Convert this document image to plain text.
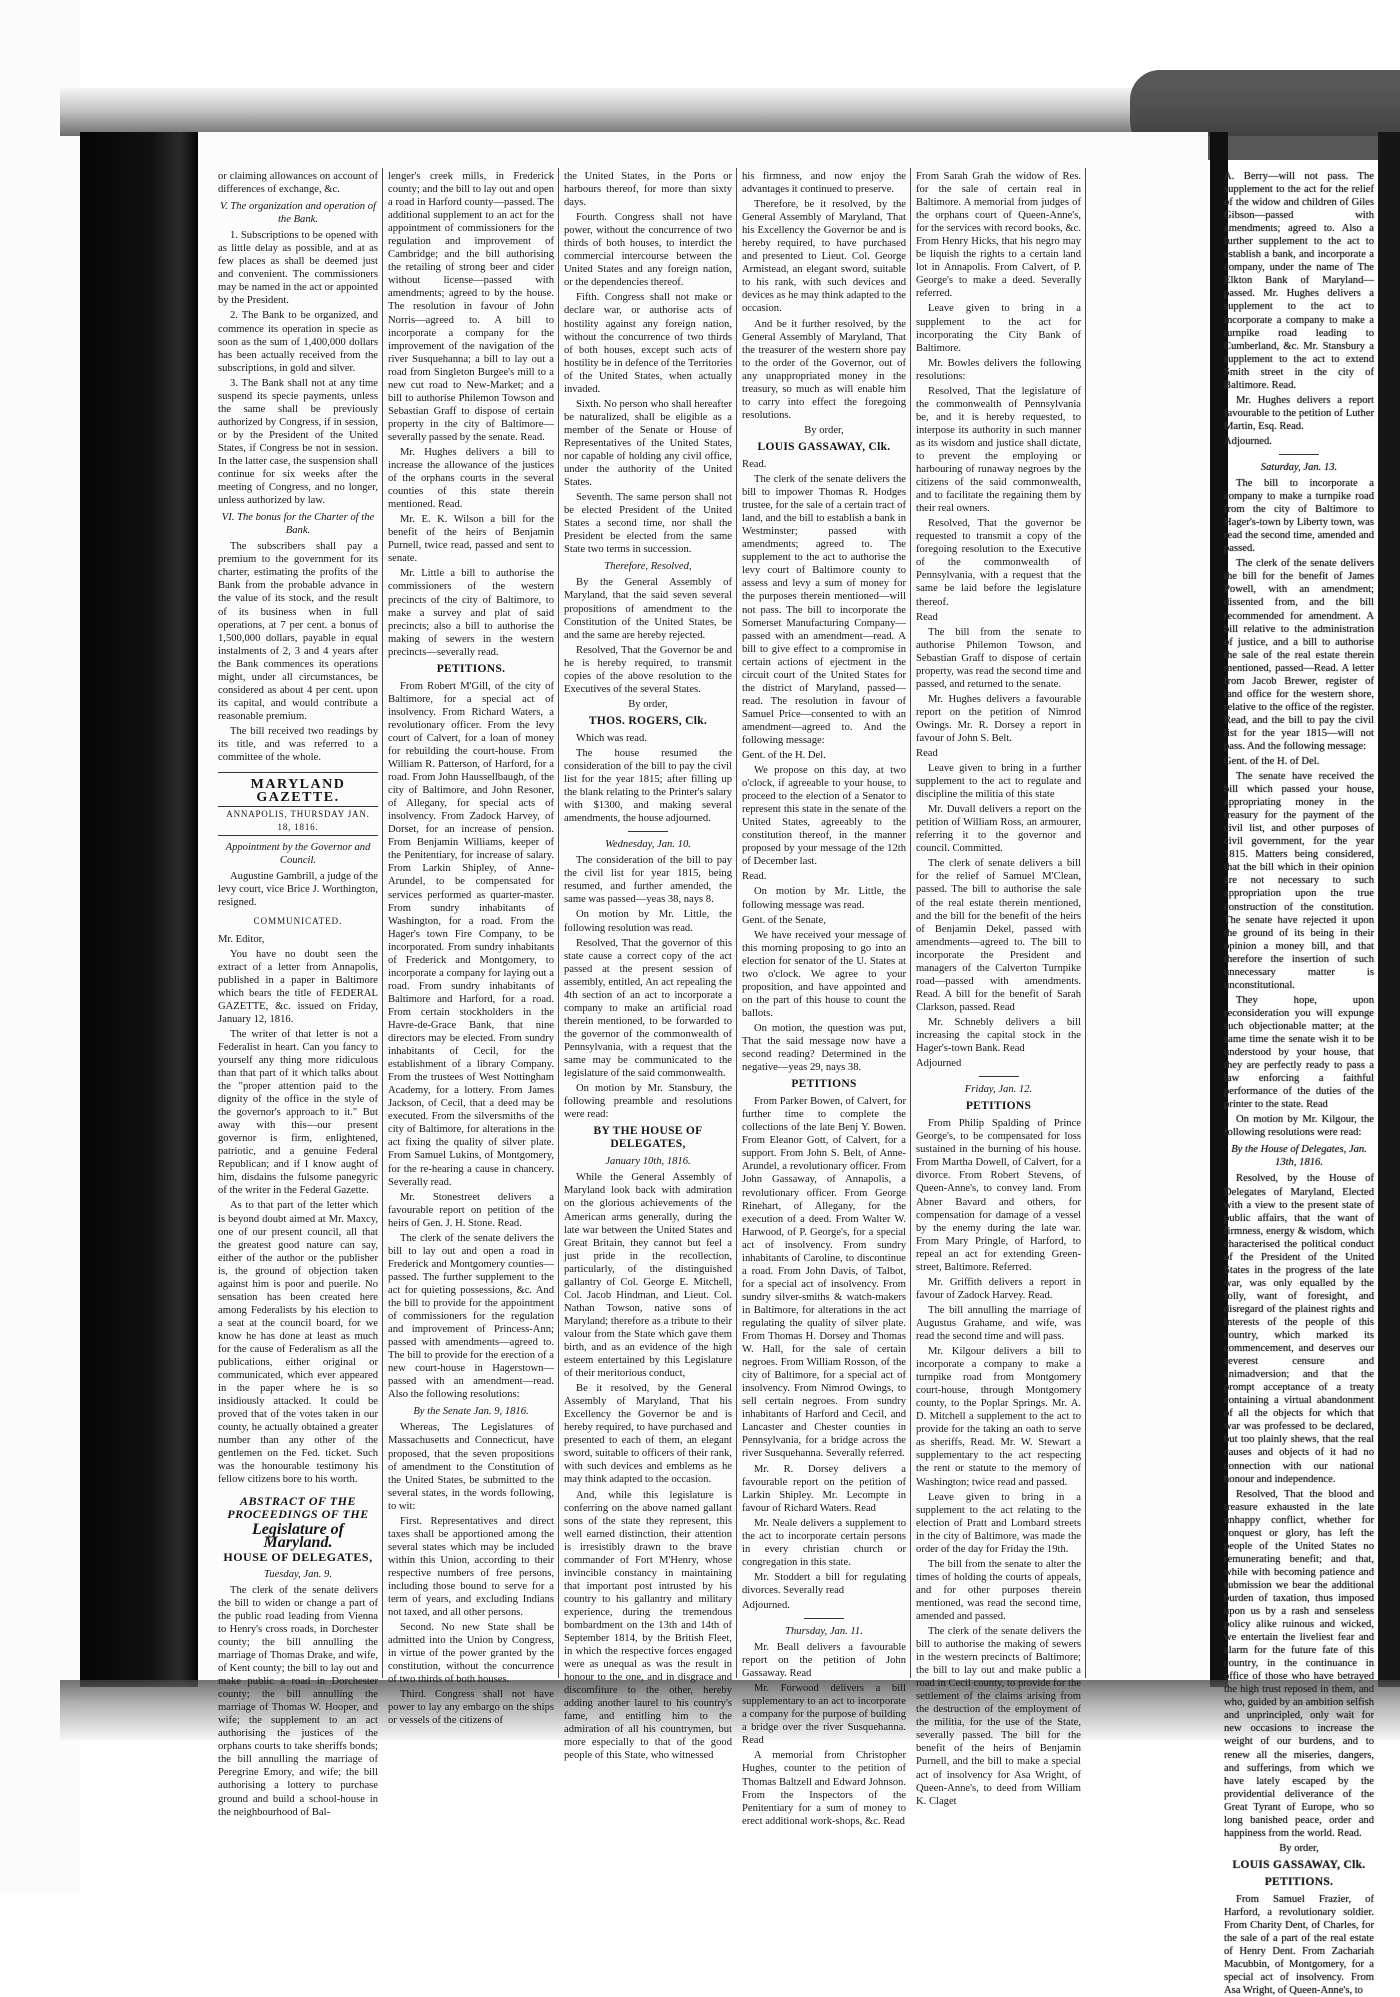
or claiming allowances on account of differences of exchange, &c.

V. The organization and operation of the Bank.

1. Subscriptions to be opened with as little delay as possible, and at as few places as shall be deemed just and convenient. The commissioners may be named in the act or appointed by the President.

2. The Bank to be organized, and commence its operation in specie as soon as the sum of 1,400,000 dollars has been actually received from the subscriptions, in gold and silver.

3. The Bank shall not at any time suspend its specie payments, unless the same shall be previously authorized by Congress, if in session, or by the President of the United States, if Congress be not in session. In the latter case, the suspension shall continue for six weeks after the meeting of Congress, and no longer, unless authorized by law.

VI. The bonus for the Charter of the Bank.

The subscribers shall pay a premium to the government for its charter, estimating the profits of the Bank from the probable advance in the value of its stock, and the result of its business when in full operations, at 7 per cent. a bonus of 1,500,000 dollars, payable in equal instalments of 2, 3 and 4 years after the Bank commences its operations might, under all circumstances, be considered as about 4 per cent. upon its capital, and would contribute a reasonable premium.

The bill received two readings by its title, and was referred to a committee of the whole.

MARYLAND GAZETTE.
ANNAPOLIS, THURSDAY JAN. 18, 1816.

Appointment by the Governor and Council.

Augustine Gambrill, a judge of the levy court, vice Brice J. Worthington, resigned.

COMMUNICATED.

Mr. Editor,

You have no doubt seen the extract of a letter from Annapolis, published in a paper in Baltimore which bears the title of FEDERAL GAZETTE, &c. issued on Friday, January 12, 1816.

The writer of that letter is not a Federalist in heart. Can you fancy to yourself any thing more ridiculous than that part of it which talks about the "proper attention paid to the dignity of the office in the style of the governor's approach to it." But away with this—our present governor is firm, enlightened, patriotic, and a genuine Federal Republican; and if I know aught of him, disdains the fulsome panegyric of the writer in the Federal Gazette.

As to that part of the letter which is beyond doubt aimed at Mr. Maxcy, one of our present council, all that the greatest good nature can say, either of the author or the publisher is, the ground of objection taken against him is poor and puerile. No sensation has been created here among Federalists by his election to a seat at the council board, for we know he has done at least as much for the cause of Federalism as all the publications, either original or communicated, which ever appeared in the paper where he is so insidiously attacked. It could be proved that of the votes taken in our county, he actually obtained a greater number than any other of the gentlemen on the Fed. ticket. Such was the honourable testimony his fellow citizens bore to his worth.

ABSTRACT OF THE PROCEEDINGS OF THE
Legislature of Maryland.
HOUSE OF DELEGATES,

Tuesday, Jan. 9.

The clerk of the senate delivers the bill to widen or change a part of the public road leading from Vienna to Henry's cross roads, in Dorchester county; the bill annulling the marriage of Thomas Drake, and wife, of Kent county; the bill to lay out and make public a road in Dorchester county; the bill annulling the marriage of Thomas W. Hooper, and wife; the supplement to an act authorising the justices of the orphans courts to take sheriffs bonds; the bill annulling the marriage of Peregrine Emory, and wife; the bill authorising a lottery to purchase ground and build a school-house in the neighbourhood of Bal-

lenger's creek mills, in Frederick county; and the bill to lay out and open a road in Harford county—passed. The additional supplement to an act for the appointment of commissioners for the regulation and improvement of Cambridge; and the bill authorising the retailing of strong beer and cider without license—passed with amendments; agreed to by the house. The resolution in favour of John Norris—agreed to. A bill to incorporate a company for the improvement of the navigation of the river Susquehanna; a bill to lay out a road from Singleton Burgee's mill to a new cut road to New-Market; and a bill to authorise Philemon Towson and Sebastian Graff to dispose of certain property in the city of Baltimore—severally passed by the senate. Read.

Mr. Hughes delivers a bill to increase the allowance of the justices of the orphans courts in the several counties of this state therein mentioned. Read.

Mr. E. K. Wilson a bill for the benefit of the heirs of Benjamin Purnell, twice read, passed and sent to senate.

Mr. Little a bill to authorise the commissioners of the western precincts of the city of Baltimore, to make a survey and plat of said precincts; also a bill to authorise the making of sewers in the western precincts—severally read.

PETITIONS.

From Robert M'Gill, of the city of Baltimore, for a special act of insolvency. From Richard Waters, a revolutionary officer. From the levy court of Calvert, for a loan of money for rebuilding the court-house. From William R. Patterson, of Harford, for a road. From John Haussellbaugh, of the city of Baltimore, and John Resoner, of Allegany, for special acts of insolvency. From Zadock Harvey, of Dorset, for an increase of pension. From Benjamin Williams, keeper of the Penitentiary, for increase of salary. From Larkin Shipley, of Anne-Arundel, to be compensated for services performed as quarter-master. From sundry inhabitants of Washington, for a road. From the Hager's town Fire Company, to be incorporated. From sundry inhabitants of Frederick and Montgomery, to incorporate a company for laying out a road. From sundry inhabitants of Baltimore and Harford, for a road. From certain stockholders in the Havre-de-Grace Bank, that nine directors may be elected. From sundry inhabitants of Cecil, for the establishment of a library Company. From the trustees of West Nottingham Academy, for a lottery. From James Jackson, of Cecil, that a deed may be executed. From the silversmiths of the city of Baltimore, for alterations in the act fixing the quality of silver plate. From Samuel Lukins, of Montgomery, for the re-hearing a cause in chancery. Severally read.

Mr. Stonestreet delivers a favourable report on petition of the heirs of Gen. J. H. Stone. Read.

The clerk of the senate delivers the bill to lay out and open a road in Frederick and Montgomery counties—passed. The further supplement to the act for quieting possessions, &c. And the bill to provide for the appointment of commissioners for the regulation and improvement of Princess-Ann; passed with amendments—agreed to. The bill to provide for the erection of a new court-house in Hagerstown—passed with an amendment—read. Also the following resolutions:

By the Senate Jan. 9, 1816.

Whereas, The Legislatures of Massachusetts and Connecticut, have proposed, that the seven propositions of amendment to the Constitution of the United States, be submitted to the several states, in the words following, to wit:

First. Representatives and direct taxes shall be apportioned among the several states which may be included within this Union, according to their respective numbers of free persons, including those bound to serve for a term of years, and excluding Indians not taxed, and all other persons.

Second. No new State shall be admitted into the Union by Congress, in virtue of the power granted by the constitution, without the concurrence of two thirds of both houses.

Third. Congress shall not have power to lay any embargo on the ships or vessels of the citizens of

the United States, in the Ports or harbours thereof, for more than sixty days.

Fourth. Congress shall not have power, without the concurrence of two thirds of both houses, to interdict the commercial intercourse between the United States and any foreign nation, or the dependencies thereof.

Fifth. Congress shall not make or declare war, or authorise acts of hostility against any foreign nation, without the concurrence of two thirds of both houses, except such acts of hostility be in defence of the Territories of the United States, when actually invaded.

Sixth. No person who shall hereafter be naturalized, shall be eligible as a member of the Senate or House of Representatives of the United States, nor capable of holding any civil office, under the authority of the United States.

Seventh. The same person shall not be elected President of the United States a second time, nor shall the President be elected from the same State two terms in succession.

Therefore, Resolved,

By the General Assembly of Maryland, that the said seven several propositions of amendment to the Constitution of the United States, be and the same are hereby rejected.

Resolved, That the Governor be and he is hereby required, to transmit copies of the above resolution to the Executives of the several States.

By order,

THOS. ROGERS, Clk.

Which was read.

The house resumed the consideration of the bill to pay the civil list for the year 1815; after filling up the blank relating to the Printer's salary with $1300, and making several amendments, the house adjourned.

Wednesday, Jan. 10.

The consideration of the bill to pay the civil list for year 1815, being resumed, and further amended, the same was passed—yeas 38, nays 8.

On motion by Mr. Little, the following resolution was read.

Resolved, That the governor of this state cause a correct copy of the act passed at the present session of assembly, entitled, An act repealing the 4th section of an act to incorporate a company to make an artificial road therein mentioned, to be forwarded to the governor of the commonwealth of Pennsylvania, with a request that the same may be communicated to the legislature of the said commonwealth.

On motion by Mr. Stansbury, the following preamble and resolutions were read:

BY THE HOUSE OF DELEGATES,

January 10th, 1816.

While the General Assembly of Maryland look back with admiration on the glorious achievements of the American arms generally, during the late war between the United States and Great Britain, they cannot but feel a just pride in the recollection, particularly, of the distinguished gallantry of Col. George E. Mitchell, Col. Jacob Hindman, and Lieut. Col. Nathan Towson, native sons of Maryland; therefore as a tribute to their valour from the State which gave them birth, and as an evidence of the high esteem entertained by this Legislature of their meritorious conduct,

Be it resolved, by the General Assembly of Maryland, That his Excellency the Governor be and is hereby required, to have purchased and presented to each of them, an elegant sword, suitable to officers of their rank, with such devices and emblems as he may think adapted to the occasion.

And, while this legislature is conferring on the above named gallant sons of the state they represent, this well earned distinction, their attention is irresistibly drawn to the brave commander of Fort M'Henry, whose invincible constancy in maintaining that important post intrusted by his country to his gallantry and military experience, during the tremendous bombardment on the 13th and 14th of September 1814, by the British Fleet, in which the respective forces engaged were as unequal as was the result in honour to the one, and in disgrace and discomfiture to the other, hereby adding another laurel to his country's fame, and entitling him to the admiration of all his countrymen, but more especially to that of the good people of this State, who witnessed

his firmness, and now enjoy the advantages it continued to preserve.

Therefore, be it resolved, by the General Assembly of Maryland, That his Excellency the Governor be and is hereby required, to have purchased and presented to Lieut. Col. George Armistead, an elegant sword, suitable to his rank, with such devices and devices as he may think adapted to the occasion.

And be it further resolved, by the General Assembly of Maryland, That the treasurer of the western shore pay to the order of the Governor, out of any unappropriated money in the treasury, so much as will enable him to carry into effect the foregoing resolutions.

By order,

LOUIS GASSAWAY, Clk.

Read.

The clerk of the senate delivers the bill to impower Thomas R. Hodges trustee, for the sale of a certain tract of land, and the bill to establish a bank in Westminster; passed with amendments; agreed to. The supplement to the act to authorise the levy court of Baltimore county to assess and levy a sum of money for the purposes therein mentioned—will not pass. The bill to incorporate the Somerset Manufacturing Company—passed with an amendment—read. A bill to give effect to a compromise in certain actions of ejectment in the circuit court of the United States for the district of Maryland, passed—read. The resolution in favour of Samuel Price—consented to with an amendment—agreed to. And the following message:

Gent. of the H. Del.

We propose on this day, at two o'clock, if agreeable to your house, to proceed to the election of a Senator to represent this state in the senate of the United States, agreeably to the constitution thereof, in the manner proposed by your message of the 12th of December last.

Read.

On motion by Mr. Little, the following message was read.

Gent. of the Senate,

We have received your message of this morning proposing to go into an election for senator of the U. States at two o'clock. We agree to your proposition, and have appointed and on the part of this house to count the ballots.

On motion, the question was put, That the said message now have a second reading? Determined in the negative—yeas 29, nays 38.

PETITIONS

From Parker Bowen, of Calvert, for further time to complete the collections of the late Benj Y. Bowen. From Eleanor Gott, of Calvert, for a support. From John S. Belt, of Anne-Arundel, a revolutionary officer. From John Gassaway, of Annapolis, a revolutionary officer. From George Rinehart, of Allegany, for the execution of a deed. From Walter W. Harwood, of P. George's, for a special act of insolvency. From sundry inhabitants of Caroline, to discontinue a road. From John Davis, of Talbot, for a special act of insolvency. From sundry silver-smiths & watch-makers in Baltimore, for alterations in the act regulating the quality of silver plate. From Thomas H. Dorsey and Thomas W. Hall, for the sale of certain negroes. From William Rosson, of the city of Baltimore, for a special act of insolvency. From Nimrod Owings, to sell certain negroes. From sundry inhabitants of Harford and Cecil, and Lancaster and Chester counties in Pennsylvania, for a bridge across the river Susquehanna. Severally referred.

Mr. R. Dorsey delivers a favourable report on the petition of Larkin Shipley. Mr. Lecompte in favour of Richard Waters. Read

Mr. Neale delivers a supplement to the act to incorporate certain persons in every christian church or congregation in this state.

Mr. Stoddert a bill for regulating divorces. Severally read

Adjourned.

Thursday, Jan. 11.

Mr. Beall delivers a favourable report on the petition of John Gassaway. Read

Mr. Forwood delivers a bill supplementary to an act to incorporate a company for the purpose of building a bridge over the river Susquehanna. Read

A memorial from Christopher Hughes, counter to the petition of Thomas Baltzell and Edward Johnson. From the Inspectors of the Penitentiary for a sum of money to erect additional work-shops, &c. Read

From Sarah Grah the widow of Res. for the sale of certain real in Baltimore. A memorial from judges of the orphans court of Queen-Anne's, for the services with record books, &c. From Henry Hicks, that his negro may be liquish the rights to a certain land lot in Annapolis. From Calvert, of P. George's to make a deed. Severally referred.

Leave given to bring in a supplement to the act for incorporating the City Bank of Baltimore.

Mr. Bowles delivers the following resolutions:

Resolved, That the legislature of the commonwealth of Pennsylvania be, and it is hereby requested, to interpose its authority in such manner as its wisdom and justice shall dictate, to prevent the employing or harbouring of runaway negroes by the citizens of the said commonwealth, and to facilitate the regaining them by their real owners.

Resolved, That the governor be requested to transmit a copy of the foregoing resolution to the Executive of the commonwealth of Pennsylvania, with a request that the same be laid before the legislature thereof.

Read

The bill from the senate to authorise Philemon Towson, and Sebastian Graff to dispose of certain property, was read the second time and passed, and returned to the senate.

Mr. Hughes delivers a favourable report on the petition of Nimrod Owings. Mr. R. Dorsey a report in favour of John S. Belt.

Read

Leave given to bring in a further supplement to the act to regulate and discipline the militia of this state

Mr. Duvall delivers a report on the petition of William Ross, an armourer, referring it to the governor and council. Committed.

The clerk of senate delivers a bill for the relief of Samuel M'Clean, passed. The bill to authorise the sale of the real estate therein mentioned, and the bill for the benefit of the heirs of Benjamin Dekel, passed with amendments—agreed to. The bill to incorporate the President and managers of the Calverton Turnpike road—passed with amendments. Read. A bill for the benefit of Sarah Clarkson, passed. Read

Mr. Schnebly delivers a bill increasing the capital stock in the Hager's-town Bank. Read

Adjourned

Friday, Jan. 12.

PETITIONS

From Philip Spalding of Prince George's, to be compensated for loss sustained in the burning of his house. From Martha Dowell, of Calvert, for a divorce. From Robert Stevens, of Queen-Anne's, to convey land. From Abner Bavard and others, for compensation for damage of a vessel by the enemy during the late war. From Mary Pringle, of Harford, to repeal an act for extending Green-street, Baltimore. Referred.

Mr. Griffith delivers a report in favour of Zadock Harvey. Read.

The bill annulling the marriage of Augustus Grahame, and wife, was read the second time and will pass.

Mr. Kilgour delivers a bill to incorporate a company to make a turnpike road from Montgomery court-house, through Montgomery county, to the Poplar Springs. Mr. A. D. Mitchell a supplement to the act to provide for the taking an oath to serve as sheriffs, Read. Mr. W. Stewart a supplementary to the act respecting the rent or statute to the memory of Washington; twice read and passed.

Leave given to bring in a supplement to the act relating to the election of Pratt and Lombard streets in the city of Baltimore, was made the order of the day for Friday the 19th.

The bill from the senate to alter the times of holding the courts of appeals, and for other purposes therein mentioned, was read the second time, amended and passed.

The clerk of the senate delivers the bill to authorise the making of sewers in the western precincts of Baltimore; the bill to lay out and make public a road in Cecil county, to provide for the settlement of the claims arising from the destruction of the employment of the militia, for the use of the State, severally passed. The bill for the benefit of the heirs of Benjamin Purnell, and the bill to make a special act of insolvency for Asa Wright, of Queen-Anne's, to deed from William K. Claget

A. Berry—will not pass. The supplement to the act for the relief of the widow and children of Giles Gibson—passed with amendments; agreed to. Also a further supplement to the act to establish a bank, and incorporate a company, under the name of The Elkton Bank of Maryland—passed. Mr. Hughes delivers a supplement to the act to incorporate a company to make a turnpike road leading to Cumberland, &c. Mr. Stansbury a supplement to the act to extend Smith street in the city of Baltimore. Read.

Mr. Hughes delivers a report favourable to the petition of Luther Martin, Esq. Read.

Adjourned.

Saturday, Jan. 13.

The bill to incorporate a company to make a turnpike road from the city of Baltimore to Hager's-town by Liberty town, was read the second time, amended and passed.

The clerk of the senate delivers the bill for the benefit of James Powell, with an amendment; dissented from, and the bill recommended for amendment. A bill relative to the administration of justice, and a bill to authorise the sale of the real estate therein mentioned, passed—Read. A letter from Jacob Brewer, register of land office for the western shore, relative to the office of the register. Read, and the bill to pay the civil list for the year 1815—will not pass. And the following message:

Gent. of the H. of Del.

The senate have received the bill which passed your house, appropriating money in the treasury for the payment of the civil list, and other purposes of civil government, for the year 1815. Matters being considered, that the bill which in their opinion are not necessary to such appropriation upon the true construction of the constitution. The senate have rejected it upon the ground of its being in their opinion a money bill, and that therefore the insertion of such unnecessary matter is unconstitutional.

They hope, upon reconsideration you will expunge such objectionable matter; at the same time the senate wish it to be understood by your house, that they are perfectly ready to pass a law enforcing a faithful performance of the duties of the printer to the state. Read

On motion by Mr. Kilgour, the following resolutions were read:

By the House of Delegates, Jan. 13th, 1816.

Resolved, by the House of Delegates of Maryland, Elected with a view to the present state of public affairs, that the want of firmness, energy & wisdom, which characterised the political conduct of the President of the United States in the progress of the late war, was only equalled by the folly, want of foresight, and disregard of the plainest rights and interests of the people of this country, which marked its commencement, and deserves our severest censure and animadversion; and that the prompt acceptance of a treaty containing a virtual abandonment of all the objects for which that war was professed to be declared, but too plainly shews, that the real causes and objects of it had no connection with our national honour and independence.

Resolved, That the blood and treasure exhausted in the late unhappy conflict, whether for conquest or glory, has left the people of the United States no remunerating benefit; and that, while with becoming patience and submission we bear the additional burden of taxation, thus imposed upon us by a rash and senseless policy alike ruinous and wicked, we entertain the liveliest fear and alarm for the future fate of this country, in the continuance in office of those who have betrayed the high trust reposed in them, and who, guided by an ambition selfish and unprincipled, only wait for new occasions to increase the weight of our burdens, and to renew all the miseries, dangers, and sufferings, from which we have lately escaped by the providential deliverance of the Great Tyrant of Europe, who so long banished peace, order and happiness from the world. Read.

By order,

LOUIS GASSAWAY, Clk.
PETITIONS.

From Samuel Frazier, of Harford, a revolutionary soldier. From Charity Dent, of Charles, for the sale of a part of the real estate of Henry Dent. From Zachariah Macubbin, of Montgomery, for a special act of insolvency. From Asa Wright, of Queen-Anne's, to
